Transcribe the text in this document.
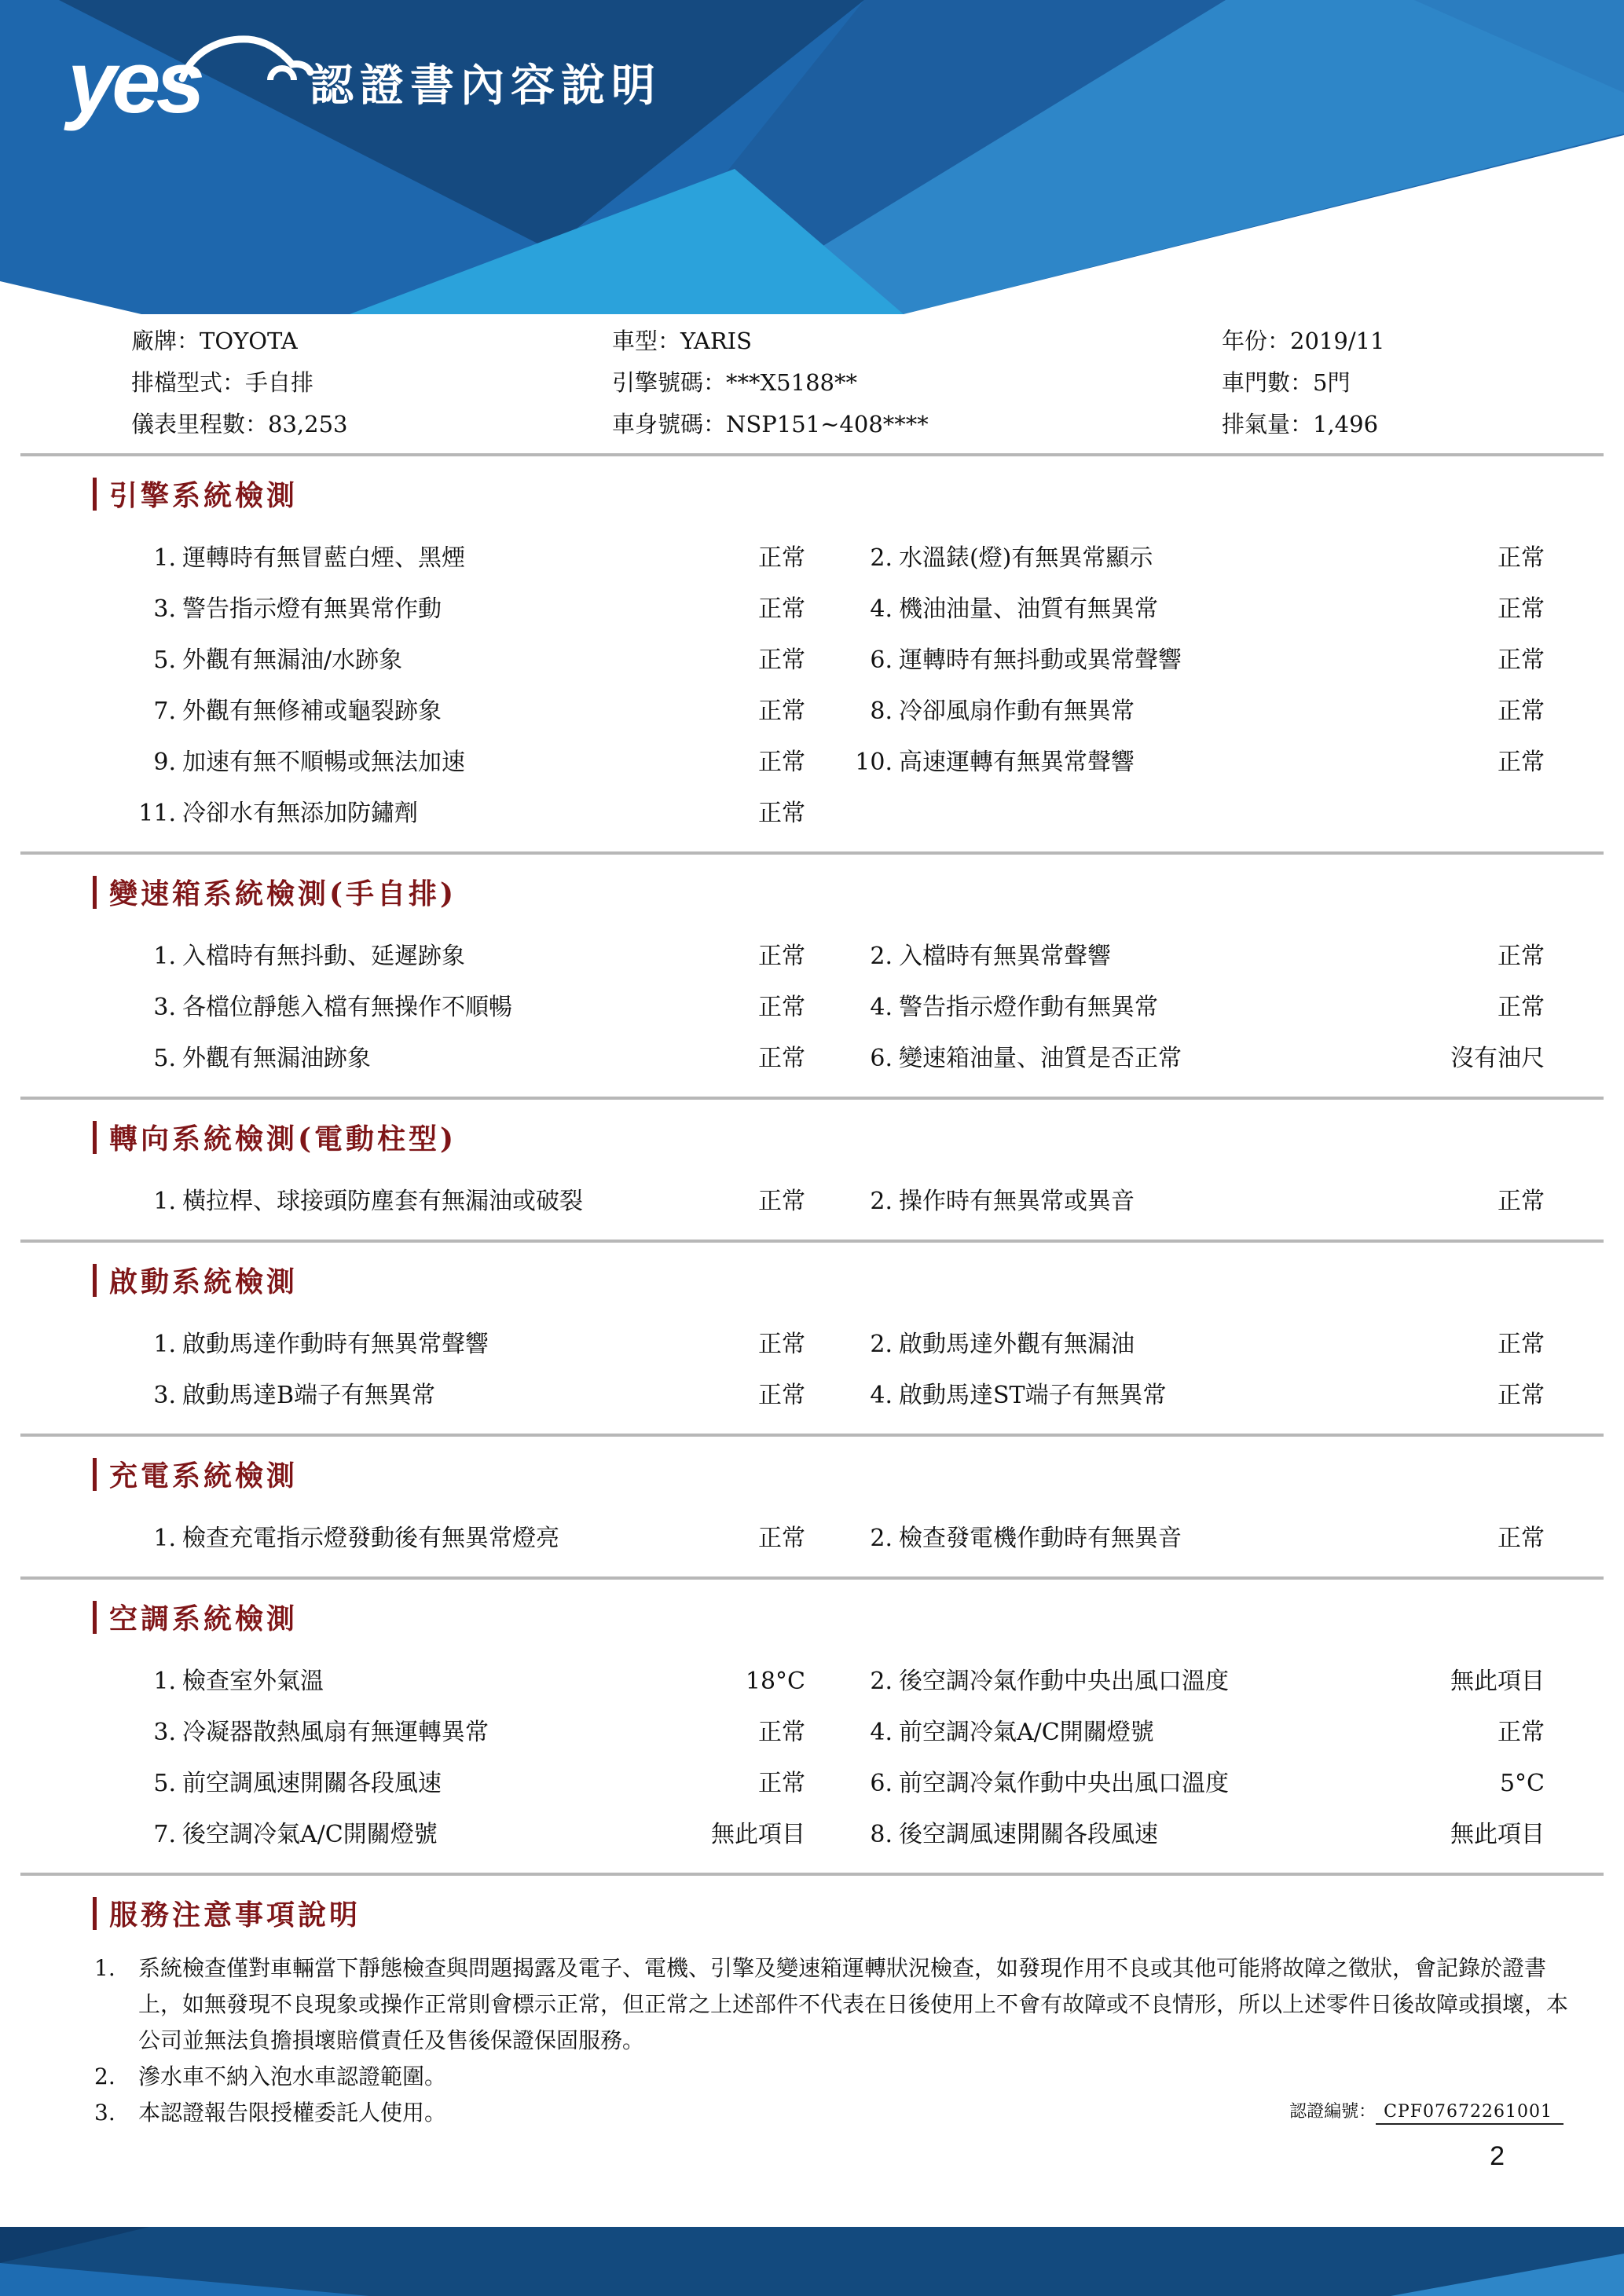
yes	認證書內容說明
廠牌：TOYOTA	車型：YARIS	年份：2019/11
排檔型式：手自排	引擎號碼：***X5188**	車門數：5門
儀表里程數：83,253	車身號碼：NSP151~408****	排氣量：1,496
引擎系統檢測
1. 運轉時有無冒藍白煙、黑煙	正常	2. 水溫錶(燈)有無異常顯示	正常
3. 警告指示燈有無異常作動	正常	4. 機油油量、油質有無異常	正常
5. 外觀有無漏油/水跡象	正常	6. 運轉時有無抖動或異常聲響	正常
7. 外觀有無修補或龜裂跡象	正常	8. 冷卻風扇作動有無異常	正常
9. 加速有無不順暢或無法加速	正常 10. 高速運轉有無異常聲響	正常
11. 冷卻水有無添加防鏽劑	正常
變速箱系統檢測(手自排)
1. 入檔時有無抖動、延遲跡象	正常	2. 入檔時有無異常聲響	正常
3. 各檔位靜態入檔有無操作不順暢	正常	4. 警告指示燈作動有無異常	正常
5. 外觀有無漏油跡象	正常	6. 變速箱油量、油質是否正常	沒有油尺
轉向系統檢測(電動柱型)
1. 橫拉桿、球接頭防塵套有無漏油或破裂	正常	2. 操作時有無異常或異音	正常
啟動系統檢測
1. 啟動馬達作動時有無異常聲響	正常	2. 啟動馬達外觀有無漏油	正常
3. 啟動馬達B端子有無異常	正常	4. 啟動馬達ST端子有無異常	正常
充電系統檢測
1. 檢查充電指示燈發動後有無異常燈亮	正常	2. 檢查發電機作動時有無異音	正常
空調系統檢測
1. 檢查室外氣溫	18°C	2. 後空調冷氣作動中央出風口溫度	無此項目
3. 冷凝器散熱風扇有無運轉異常	正常	4. 前空調冷氣A/C開關燈號	正常
5. 前空調風速開關各段風速	正常	6. 前空調冷氣作動中央出風口溫度	5°C
7. 後空調冷氣A/C開關燈號	無此項目	8. 後空調風速開關各段風速	無此項目
服務注意事項說明
1.	系統檢查僅對車輛當下靜態檢查與問題揭露及電子、電機、引擎及變速箱運轉狀況檢查，如發現作用不良或其他可能將故障之徵狀，會記錄於證書上，如無發現不良現象或操作正常則會標示正常，但正常之上述部件不代表在日後使用上不會有故障或不良情形，所以上述零件日後故障或損壞，本公司並無法負擔損壞賠償責任及售後保證保固服務。
2.	滲水車不納入泡水車認證範圍。
3.	本認證報告限授權委託人使用。	認證編號： CPF07672261001
2
